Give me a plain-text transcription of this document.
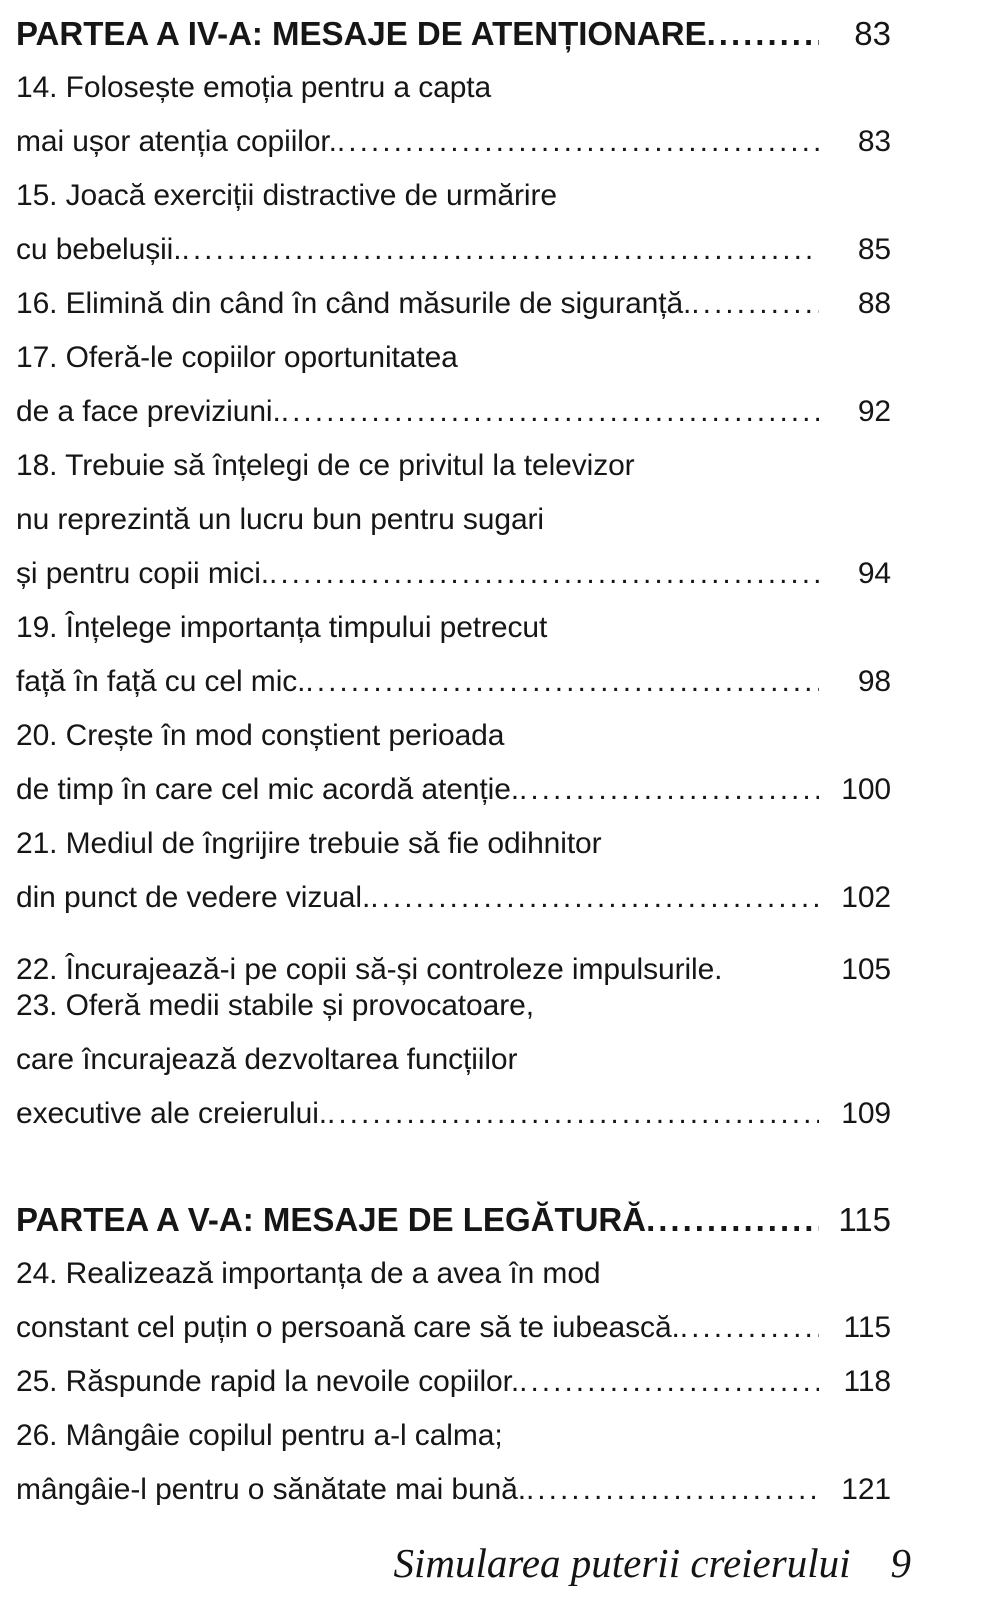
PARTEA A IV-A: MESAJE DE ATENȚIONARE .....	83
14. Folosește emoția pentru a capta
mai ușor atenția copiilor. .....	83
15. Joacă exerciții distractive de urmărire
cu bebelușii. .....	85
16. Elimină din când în când măsurile de siguranță. .....	88
17. Oferă-le copiilor oportunitatea
de a face previziuni. .....	92
18. Trebuie să înțelegi de ce privitul la televizor
nu reprezintă un lucru bun pentru sugari
și pentru copii mici. .....	94
19. Înțelege importanța timpului petrecut
față în față cu cel mic. .....	98
20. Crește în mod conștient perioada
de timp în care cel mic acordă atenție. .....	100
21. Mediul de îngrijire trebuie să fie odihnitor
din punct de vedere vizual. .....	102
22. Încurajează-i pe copii să-și controleze impulsurile.	105
23. Oferă medii stabile și provocatoare,
care încurajează dezvoltarea funcțiilor
executive ale creierului. .....	109
PARTEA A V-A: MESAJE DE LEGĂTURĂ .....	115
24. Realizează importanța de a avea în mod
constant cel puțin o persoană care să te iubească. .....	115
25. Răspunde rapid la nevoile copiilor. .....	118
26. Mângâie copilul pentru a-l calma;
mângâie-l pentru o sănătate mai bună. .....	121
Simularea puterii creierului 9
